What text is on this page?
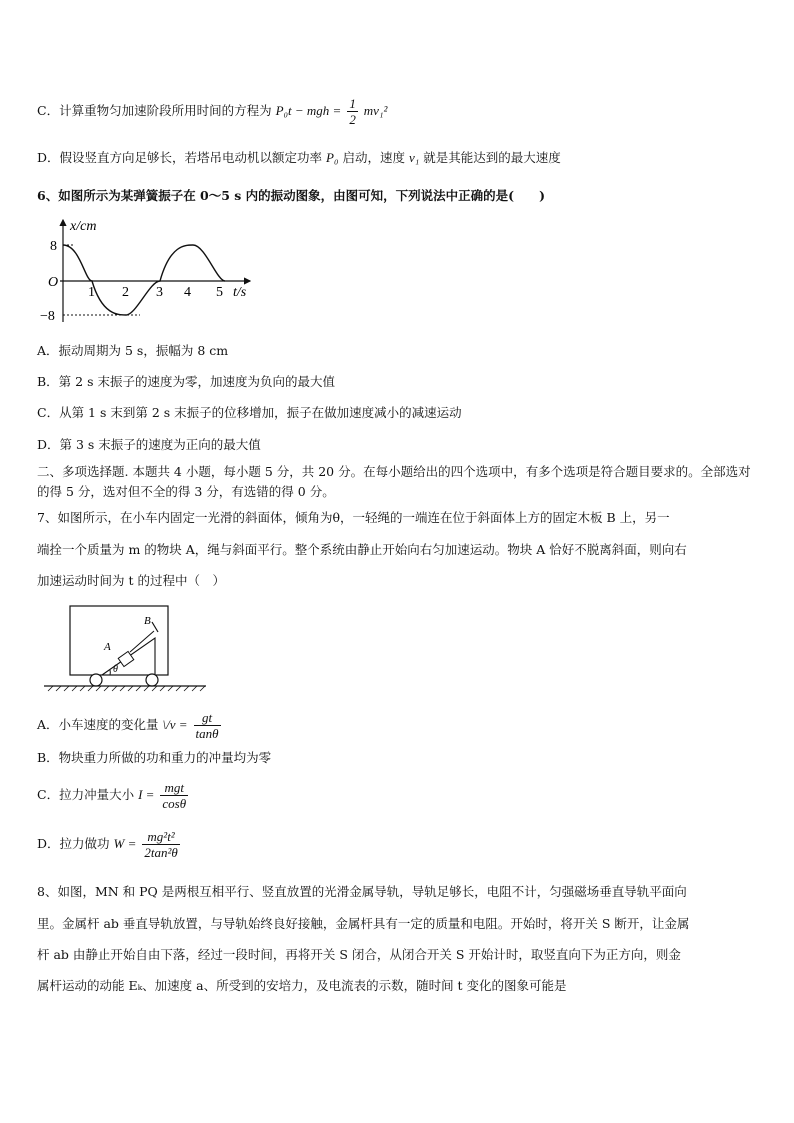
C．计算重物匀加速阶段所用时间的方程为 P₀t − mgh = $\frac{1}{2} mv_1^2$
D．假设竖直方向足够长，若塔吊电动机以额定功率 P₀ 启动，速度 v₁ 就是其能达到的最大速度
6、如图所示为某弹簧振子在 0～5 s 内的振动图象，由图可知，下列说法中正确的是(　　)
x/cm
t/s
O
8
−8
1 2 3 4 5
A．振动周期为 5 s，振幅为 8 cm
B．第 2 s 末振子的速度为零，加速度为负向的最大值
C．从第 1 s 末到第 2 s 末振子的位移增加，振子在做加速度减小的减速运动
D．第 3 s 末振子的速度为正向的最大值
二、多项选择题. 本题共 4 小题，每小题 5 分，共 20 分。在每小题给出的四个选项中，有多个选项是符合题目要求的。全部选对的得 5 分，选对但不全的得 3 分，有选错的得 0 分。
7、如图所示，在小车内固定一光滑的斜面体，倾角为θ，一轻绳的一端连在位于斜面体上方的固定木板 B 上，另一
端拴一个质量为 m 的物块 A，绳与斜面平行。整个系统由静止开始向右匀加速运动。物块 A 恰好不脱离斜面，则向右
加速运动时间为 t 的过程中（　）
A
B
θ
A．小车速度的变化量 \/v = $\frac{gt}{\tan\theta}$
B．物块重力所做的功和重力的冲量均为零
C．拉力冲量大小 $I = \frac{\text{mgt}}{\cos\theta}$
D．拉力做功 $W = \frac{\text{mg²t²}}{\text{2tan²θ}}$
8、如图，MN 和 PQ 是两根互相平行、竖直放置的光滑金属导轨，导轨足够长，电阻不计，匀强磁场垂直导轨平面向
里。金属杆 ab 垂直导轨放置，与导轨始终良好接触，金属杆具有一定的质量和电阻。开始时，将开关 S 断开，让金属
杆 ab 由静止开始自由下落，经过一段时间，再将开关 S 闭合，从闭合开关 S 开始计时，取竖直向下为正方向，则金
属杆运动的动能 Eₖ、加速度 a、所受到的安培力，及电流表的示数，随时间 t 变化的图象可能是
